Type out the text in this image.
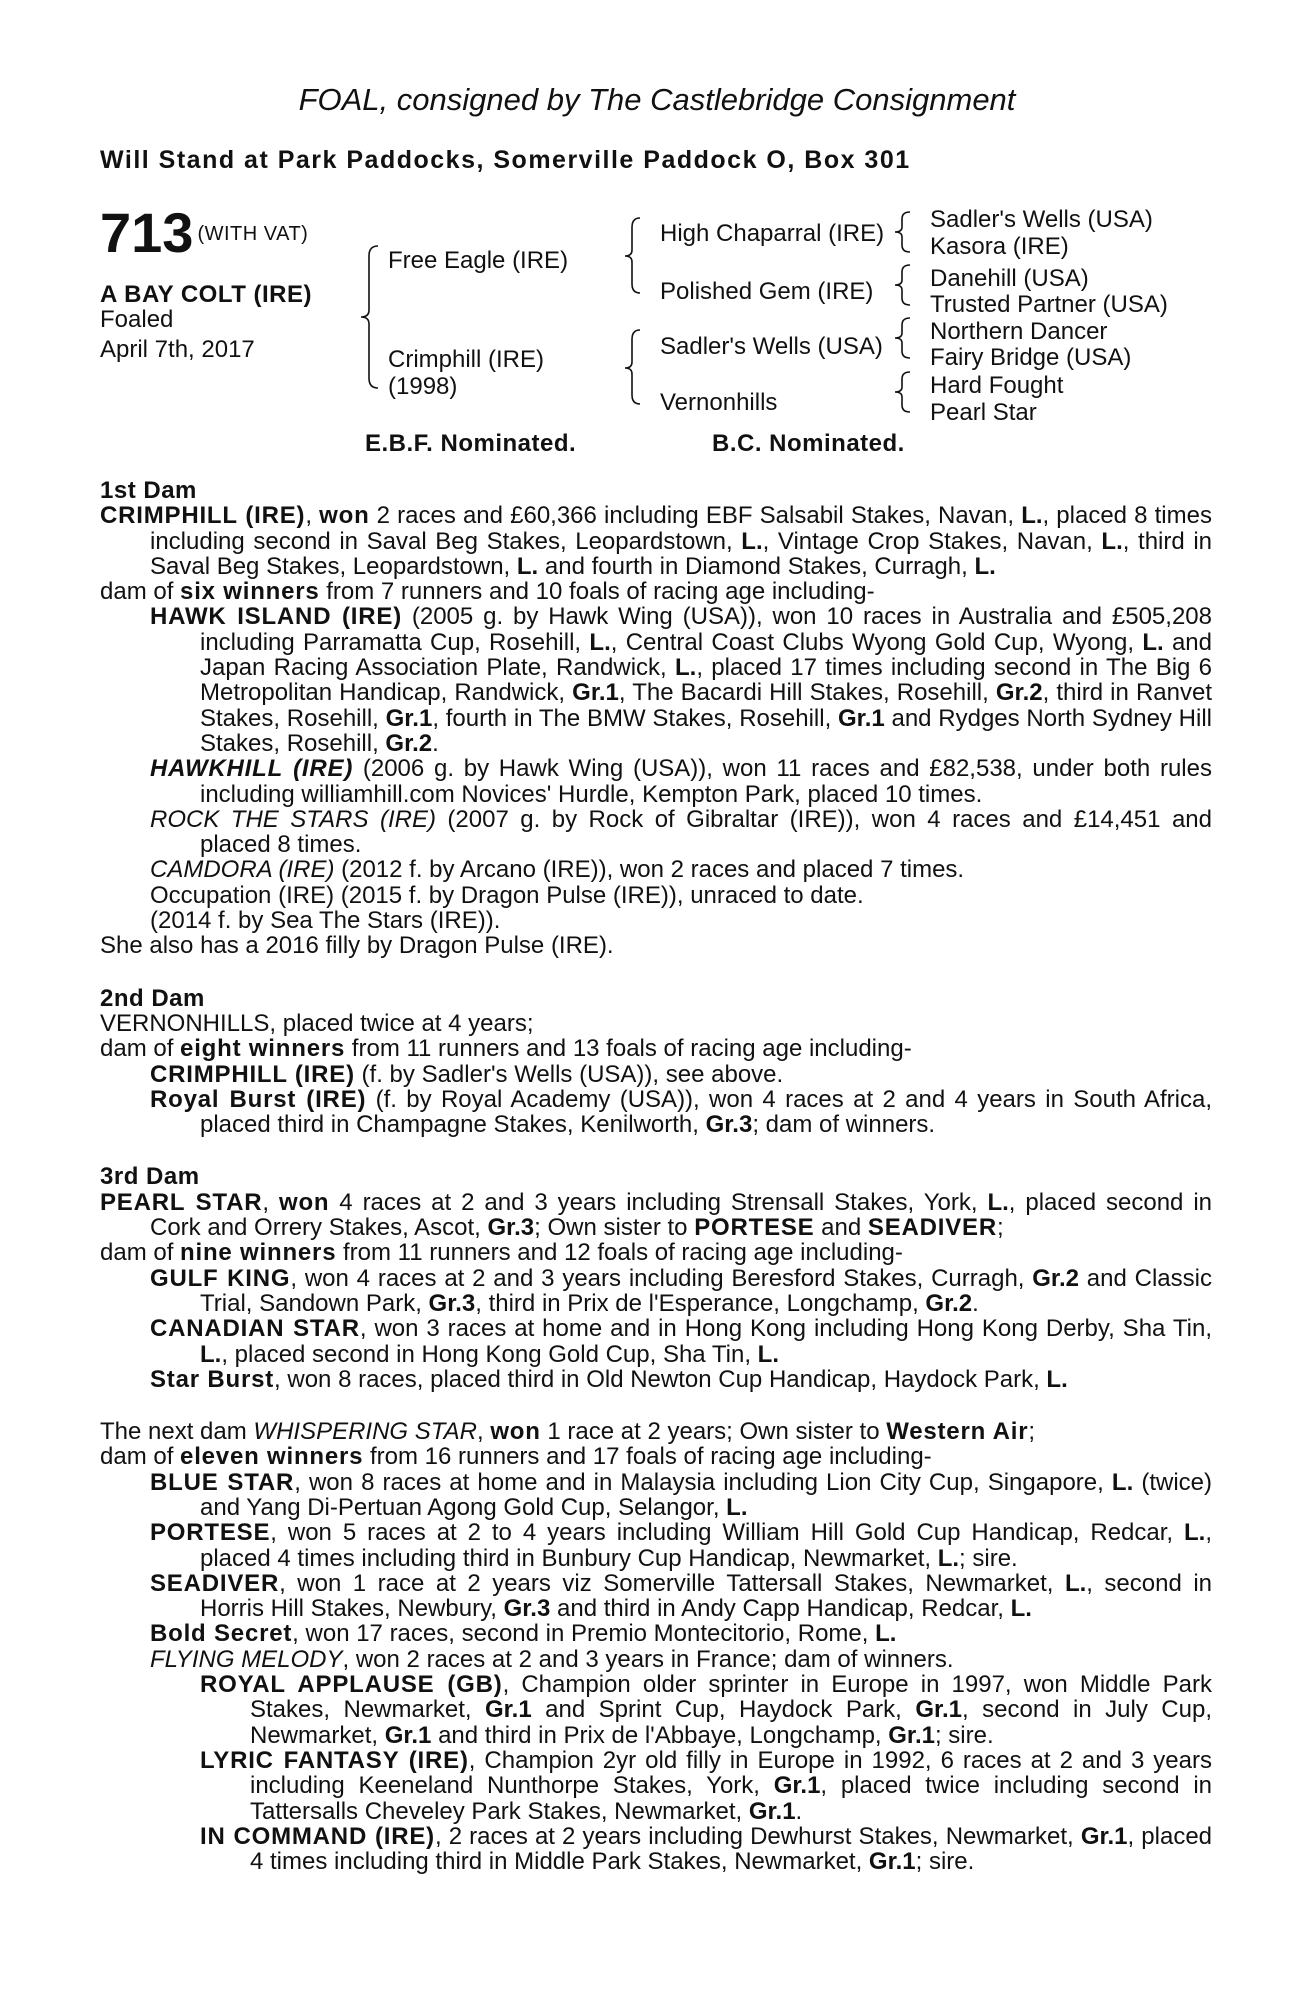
FOAL, consigned by The Castlebridge Consignment
Will Stand at Park Paddocks, Somerville Paddock O, Box 301
713 $^{(WITH VAT)}$
A BAY COLT (IRE)
Foaled
April 7th, 2017
Free Eagle (IRE)
Crimphill (IRE)
(1998)
High Chaparral (IRE)
Polished Gem (IRE)
Sadler's Wells (USA)
Vernonhills
Sadler's Wells (USA)
Kasora (IRE)
Danehill (USA)
Trusted Partner (USA)
Northern Dancer
Fairy Bridge (USA)
Hard Fought
Pearl Star
E.B.F. Nominated.	B.C. Nominated.
1st Dam

CRIMPHILL (IRE), won 2 races and £60,366 including EBF Salsabil Stakes, Navan, L., placed 8 times including second in Saval Beg Stakes, Leopardstown, L., Vintage Crop Stakes, Navan, L., third in Saval Beg Stakes, Leopardstown, L. and fourth in Diamond Stakes, Curragh, L.

dam of six winners from 7 runners and 10 foals of racing age including-

HAWK ISLAND (IRE) (2005 g. by Hawk Wing (USA)), won 10 races in Australia and £505,208 including Parramatta Cup, Rosehill, L., Central Coast Clubs Wyong Gold Cup, Wyong, L. and Japan Racing Association Plate, Randwick, L., placed 17 times including second in The Big 6 Metropolitan Handicap, Randwick, Gr.1, The Bacardi Hill Stakes, Rosehill, Gr.2, third in Ranvet Stakes, Rosehill, Gr.1, fourth in The BMW Stakes, Rosehill, Gr.1 and Rydges North Sydney Hill Stakes, Rosehill, Gr.2.

HAWKHILL (IRE) (2006 g. by Hawk Wing (USA)), won 11 races and £82,538, under both rules including williamhill.com Novices' Hurdle, Kempton Park, placed 10 times.

ROCK THE STARS (IRE) (2007 g. by Rock of Gibraltar (IRE)), won 4 races and £14,451 and placed 8 times.

CAMDORA (IRE) (2012 f. by Arcano (IRE)), won 2 races and placed 7 times.

Occupation (IRE) (2015 f. by Dragon Pulse (IRE)), unraced to date.

(2014 f. by Sea The Stars (IRE)).

She also has a 2016 filly by Dragon Pulse (IRE).

2nd Dam

VERNONHILLS, placed twice at 4 years;

dam of eight winners from 11 runners and 13 foals of racing age including-

CRIMPHILL (IRE) (f. by Sadler's Wells (USA)), see above.

Royal Burst (IRE) (f. by Royal Academy (USA)), won 4 races at 2 and 4 years in South Africa, placed third in Champagne Stakes, Kenilworth, Gr.3; dam of winners.

3rd Dam

PEARL STAR, won 4 races at 2 and 3 years including Strensall Stakes, York, L., placed second in Cork and Orrery Stakes, Ascot, Gr.3; Own sister to PORTESE and SEADIVER;

dam of nine winners from 11 runners and 12 foals of racing age including-

GULF KING, won 4 races at 2 and 3 years including Beresford Stakes, Curragh, Gr.2 and Classic Trial, Sandown Park, Gr.3, third in Prix de l'Esperance, Longchamp, Gr.2.

CANADIAN STAR, won 3 races at home and in Hong Kong including Hong Kong Derby, Sha Tin, L., placed second in Hong Kong Gold Cup, Sha Tin, L.

Star Burst, won 8 races, placed third in Old Newton Cup Handicap, Haydock Park, L.

The next dam WHISPERING STAR, won 1 race at 2 years; Own sister to Western Air;

dam of eleven winners from 16 runners and 17 foals of racing age including-

BLUE STAR, won 8 races at home and in Malaysia including Lion City Cup, Singapore, L. (twice) and Yang Di-Pertuan Agong Gold Cup, Selangor, L.

PORTESE, won 5 races at 2 to 4 years including William Hill Gold Cup Handicap, Redcar, L., placed 4 times including third in Bunbury Cup Handicap, Newmarket, L.; sire.

SEADIVER, won 1 race at 2 years viz Somerville Tattersall Stakes, Newmarket, L., second in Horris Hill Stakes, Newbury, Gr.3 and third in Andy Capp Handicap, Redcar, L.

Bold Secret, won 17 races, second in Premio Montecitorio, Rome, L.

FLYING MELODY, won 2 races at 2 and 3 years in France; dam of winners.

ROYAL APPLAUSE (GB), Champion older sprinter in Europe in 1997, won Middle Park Stakes, Newmarket, Gr.1 and Sprint Cup, Haydock Park, Gr.1, second in July Cup, Newmarket, Gr.1 and third in Prix de l'Abbaye, Longchamp, Gr.1; sire.

LYRIC FANTASY (IRE), Champion 2yr old filly in Europe in 1992, 6 races at 2 and 3 years including Keeneland Nunthorpe Stakes, York, Gr.1, placed twice including second in Tattersalls Cheveley Park Stakes, Newmarket, Gr.1.

IN COMMAND (IRE), 2 races at 2 years including Dewhurst Stakes, Newmarket, Gr.1, placed 4 times including third in Middle Park Stakes, Newmarket, Gr.1; sire.
